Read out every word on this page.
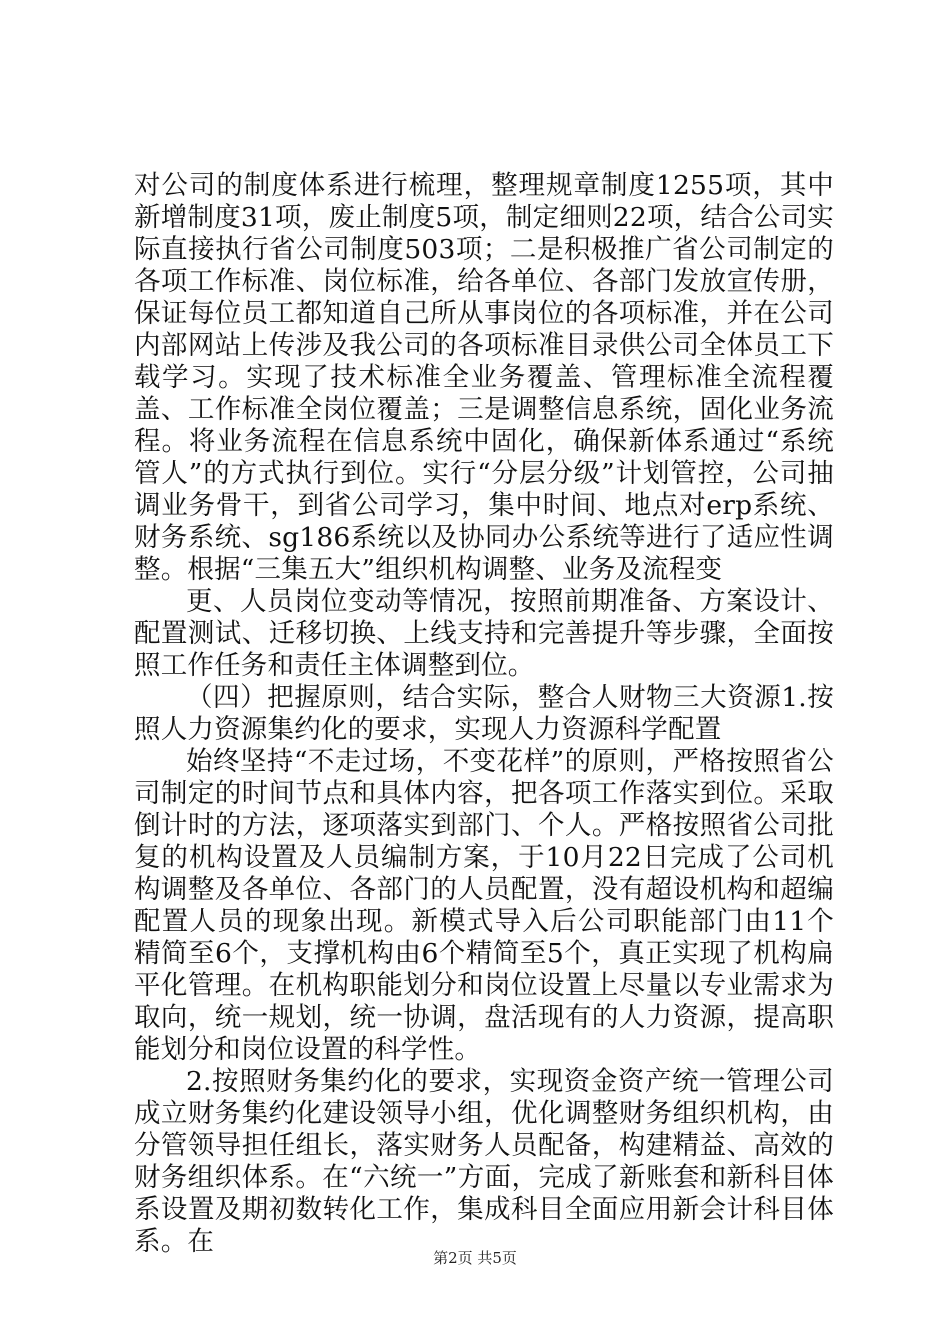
对公司的制度体系进行梳理，整理规章制度1255项，其中新增制度31项，废止制度5项，制定细则22项，结合公司实际直接执行省公司制度503项；二是积极推广省公司制定的各项工作标准、岗位标准，给各单位、各部门发放宣传册，保证每位员工都知道自己所从事岗位的各项标准，并在公司内部网站上传涉及我公司的各项标准目录供公司全体员工下载学习。实现了技术标准全业务覆盖、管理标准全流程覆盖、工作标准全岗位覆盖；三是调整信息系统，固化业务流程。将业务流程在信息系统中固化，确保新体系通过“系统管人”的方式执行到位。实行“分层分级”计划管控，公司抽调业务骨干，到省公司学习，集中时间、地点对erp系统、财务系统、sg186系统以及协同办公系统等进行了适应性调整。根据“三集五大”组织机构调整、业务及流程变

更、人员岗位变动等情况，按照前期准备、方案设计、配置测试、迁移切换、上线支持和完善提升等步骤，全面按照工作任务和责任主体调整到位。

（四）把握原则，结合实际，整合人财物三大资源1.按照人力资源集约化的要求，实现人力资源科学配置

始终坚持“不走过场，不变花样”的原则，严格按照省公司制定的时间节点和具体内容，把各项工作落实到位。采取倒计时的方法，逐项落实到部门、个人。严格按照省公司批复的机构设置及人员编制方案，于10月22日完成了公司机构调整及各单位、各部门的人员配置，没有超设机构和超编配置人员的现象出现。新模式导入后公司职能部门由11个精简至6个，支撑机构由6个精简至5个，真正实现了机构扁平化管理。在机构职能划分和岗位设置上尽量以专业需求为取向，统一规划，统一协调，盘活现有的人力资源，提高职能划分和岗位设置的科学性。

2.按照财务集约化的要求，实现资金资产统一管理公司成立财务集约化建设领导小组，优化调整财务组织机构，由分管领导担任组长，落实财务人员配备，构建精益、高效的财务组织体系。在“六统一”方面，完成了新账套和新科目体系设置及期初数转化工作，集成科目全面应用新会计科目体系。在

第2页 共5页
